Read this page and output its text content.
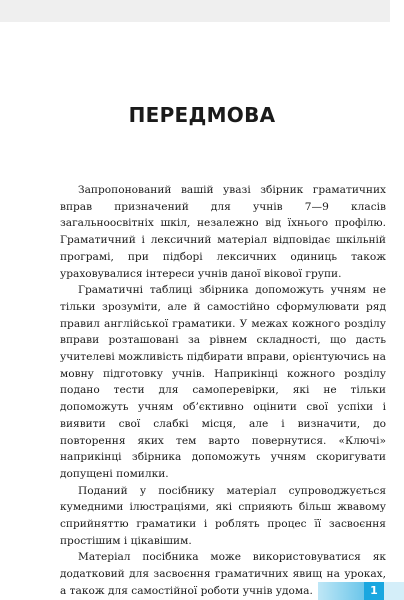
ПЕРЕДМОВА

Запропонований вашій увазі збірник граматичних вправ призначений для учнів 7—9 класів загальноосвітніх шкіл, незалежно від їхнього профілю. Граматичний і лексичний матеріал відповідає шкільній програмі, при підборі лексичних одиниць також ураховувалися інтереси учнів даної вікової групи.

Граматичні таблиці збірника допоможуть учням не тільки зрозуміти, але й самостійно сформулювати ряд правил англійської граматики. У межах кожного розділу вправи розташовані за рівнем складності, що дасть учителеві можливість підбирати вправи, орієнтуючись на мовну підготовку учнів. Наприкінці кожного розділу подано тести для самоперевірки, які не тільки допоможуть учням об’єктивно оцінити свої успіхи і виявити свої слабкі місця, але і визначити, до повторення яких тем варто повернутися. «Ключі» наприкінці збірника допоможуть учням скоригувати допущені помилки.

Поданий у посібнику матеріал супроводжується кумедними ілюстраціями, які сприяють більш жвавому сприйняттю граматики і роблять процес її засвоєння простішим і цікавішим.

Матеріал посібника може використовуватися як додатковий для засвоєння граматичних явищ на уроках, а також для самостійної роботи учнів удома.	1
